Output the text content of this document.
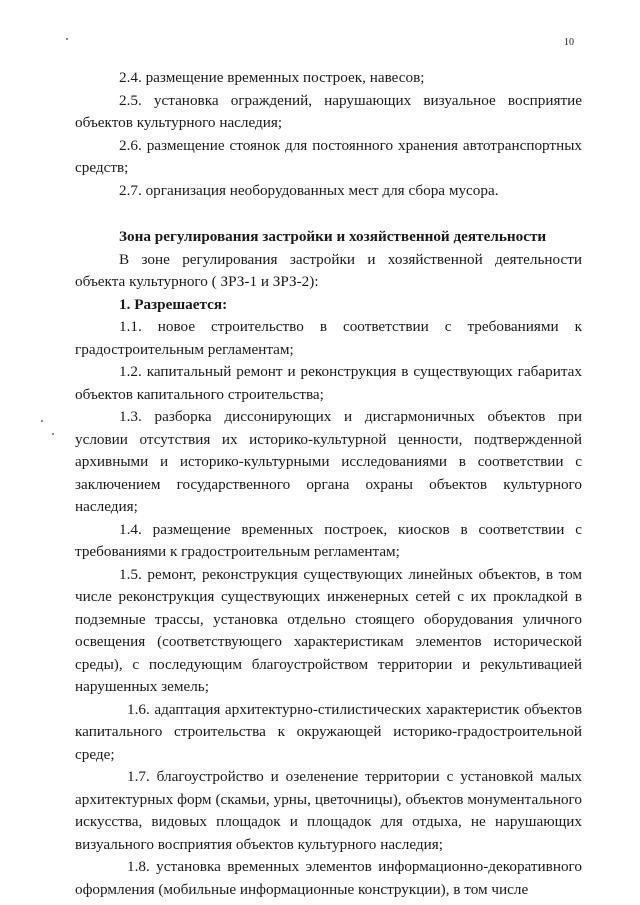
10

2.4. размещение временных построек, навесов;

2.5. установка ограждений, нарушающих визуальное восприятие объектов культурного наследия;

2.6. размещение стоянок для постоянного хранения автотранспортных средств;

2.7. организация необорудованных мест для сбора мусора.

Зона регулирования застройки и хозяйственной деятельности

В зоне регулирования застройки и хозяйственной деятельности объекта культурного ( ЗРЗ-1 и ЗРЗ-2):

1. Разрешается:

1.1. новое строительство в соответствии с требованиями к градостроительным регламентам;

1.2. капитальный ремонт и реконструкция в существующих габаритах объектов капитального строительства;

1.3. разборка диссонирующих и дисгармоничных объектов при условии отсутствия их историко-культурной ценности, подтвержденной архивными и историко-культурными исследованиями в соответствии с заключением государственного органа охраны объектов культурного наследия;

1.4. размещение временных построек, киосков в соответствии с требованиями к градостроительным регламентам;

1.5. ремонт, реконструкция существующих линейных объектов, в том числе реконструкция существующих инженерных сетей с их прокладкой в подземные трассы, установка отдельно стоящего оборудования уличного освещения (соответствующего характеристикам элементов исторической среды), с последующим благоустройством территории и рекультивацией нарушенных земель;

1.6. адаптация архитектурно-стилистических характеристик объектов капитального строительства к окружающей историко-градостроительной среде;

1.7. благоустройство и озеленение территории с установкой малых архитектурных форм (скамьи, урны, цветочницы), объектов монументального искусства, видовых площадок и площадок для отдыха, не нарушающих визуального восприятия объектов культурного наследия;

1.8. установка временных элементов информационно-декоративного оформления (мобильные информационные конструкции), в том числе
